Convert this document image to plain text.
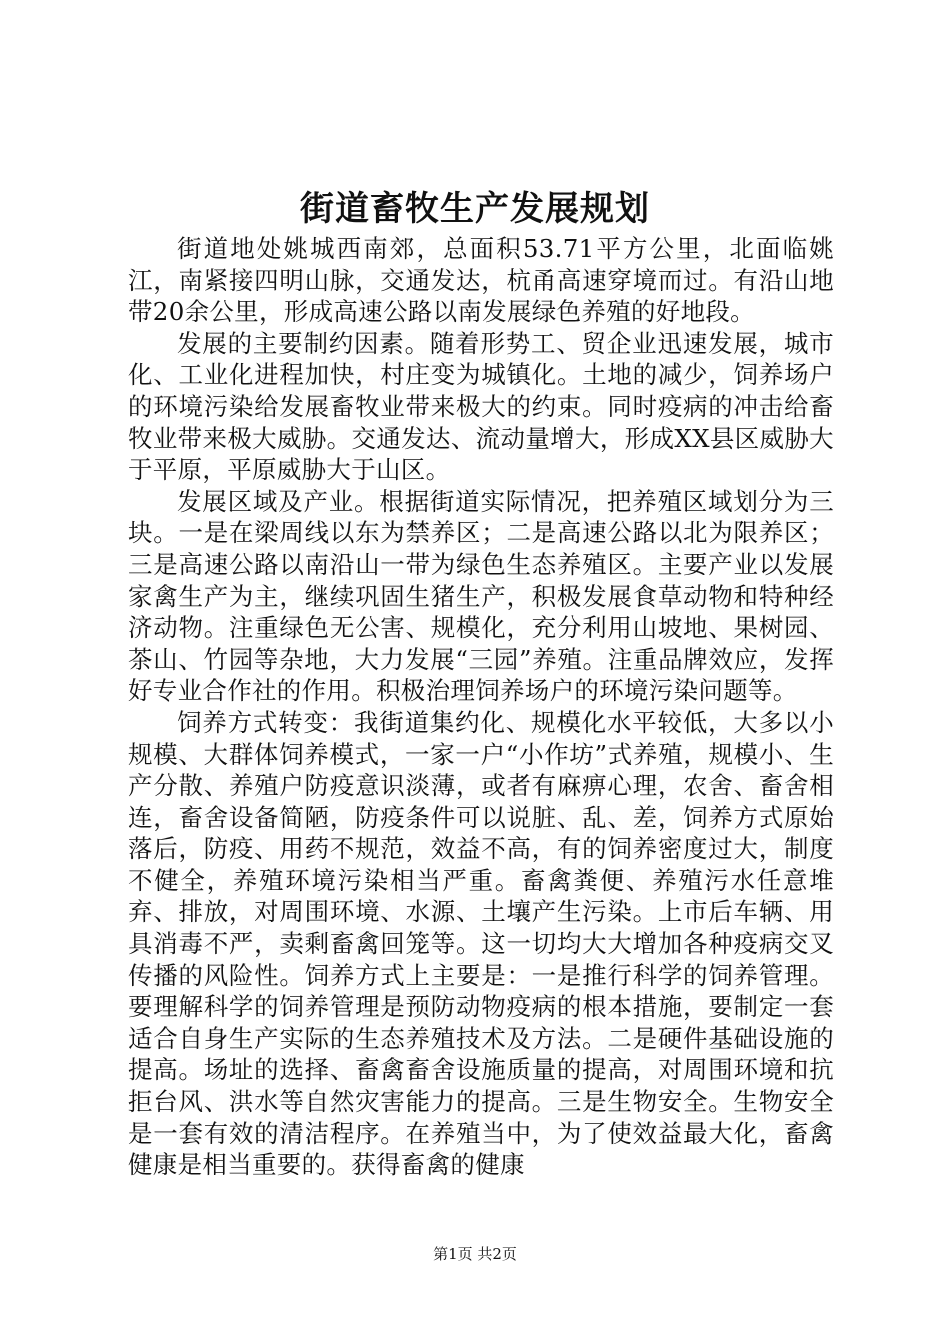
街道畜牧生产发展规划

街道地处姚城西南郊，总面积53.71平方公里，北面临姚江，南紧接四明山脉，交通发达，杭甬高速穿境而过。有沿山地带20余公里，形成高速公路以南发展绿色养殖的好地段。

发展的主要制约因素。随着形势工、贸企业迅速发展，城市化、工业化进程加快，村庄变为城镇化。土地的减少，饲养场户的环境污染给发展畜牧业带来极大的约束。同时疫病的冲击给畜牧业带来极大威胁。交通发达、流动量增大，形成XX县区威胁大于平原，平原威胁大于山区。

发展区域及产业。根据街道实际情况，把养殖区域划分为三块。一是在梁周线以东为禁养区；二是高速公路以北为限养区；三是高速公路以南沿山一带为绿色生态养殖区。主要产业以发展家禽生产为主，继续巩固生猪生产，积极发展食草动物和特种经济动物。注重绿色无公害、规模化，充分利用山坡地、果树园、茶山、竹园等杂地，大力发展“三园”养殖。注重品牌效应，发挥好专业合作社的作用。积极治理饲养场户的环境污染问题等。

饲养方式转变：我街道集约化、规模化水平较低，大多以小规模、大群体饲养模式，一家一户“小作坊”式养殖，规模小、生产分散、养殖户防疫意识淡薄，或者有麻痹心理，农舍、畜舍相连，畜舍设备简陋，防疫条件可以说脏、乱、差，饲养方式原始落后，防疫、用药不规范，效益不高，有的饲养密度过大，制度不健全，养殖环境污染相当严重。畜禽粪便、养殖污水任意堆弃、排放，对周围环境、水源、土壤产生污染。上市后车辆、用具消毒不严，卖剩畜禽回笼等。这一切均大大增加各种疫病交叉传播的风险性。饲养方式上主要是：一是推行科学的饲养管理。要理解科学的饲养管理是预防动物疫病的根本措施，要制定一套适合自身生产实际的生态养殖技术及方法。二是硬件基础设施的提高。场址的选择、畜禽畜舍设施质量的提高，对周围环境和抗拒台风、洪水等自然灾害能力的提高。三是生物安全。生物安全是一套有效的清洁程序。在养殖当中，为了使效益最大化，畜禽健康是相当重要的。获得畜禽的健康

第1页 共2页
